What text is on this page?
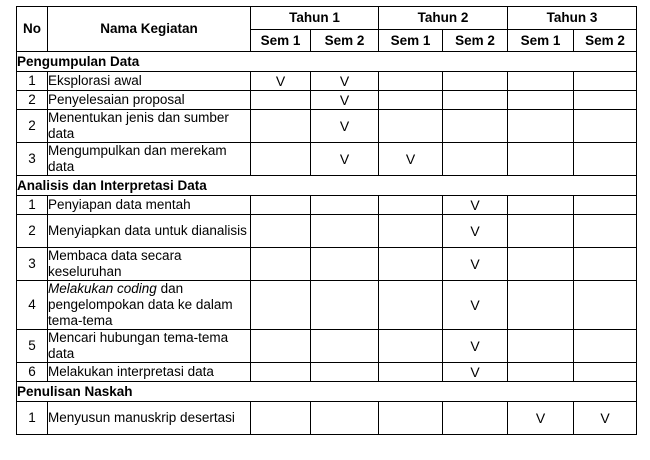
No	Nama Kegiatan	Tahun 1		Tahun 2		Tahun 3	
		Sem 1	Sem 2	Sem 1	Sem 2	Sem 1	Sem 2
Pengumpulan Data							
1	Eksplorasi awal	V	V				
2	Penyelesaian proposal		V				
2	Menentukan jenis dan sumber data		V				
3	Mengumpulkan dan merekam data		V	V			
Analisis dan Interpretasi Data							
1	Penyiapan data mentah				V		
2	Menyiapkan data untuk dianalisis				V		
3	Membaca data secara keseluruhan				V		
4	Melakukan coding dan pengelompokan data ke dalam tema-tema				V		
5	Mencari hubungan tema-tema data				V		
6	Melakukan interpretasi data				V		
Penulisan Naskah							
1	Menyusun manuskrip desertasi					V	V
